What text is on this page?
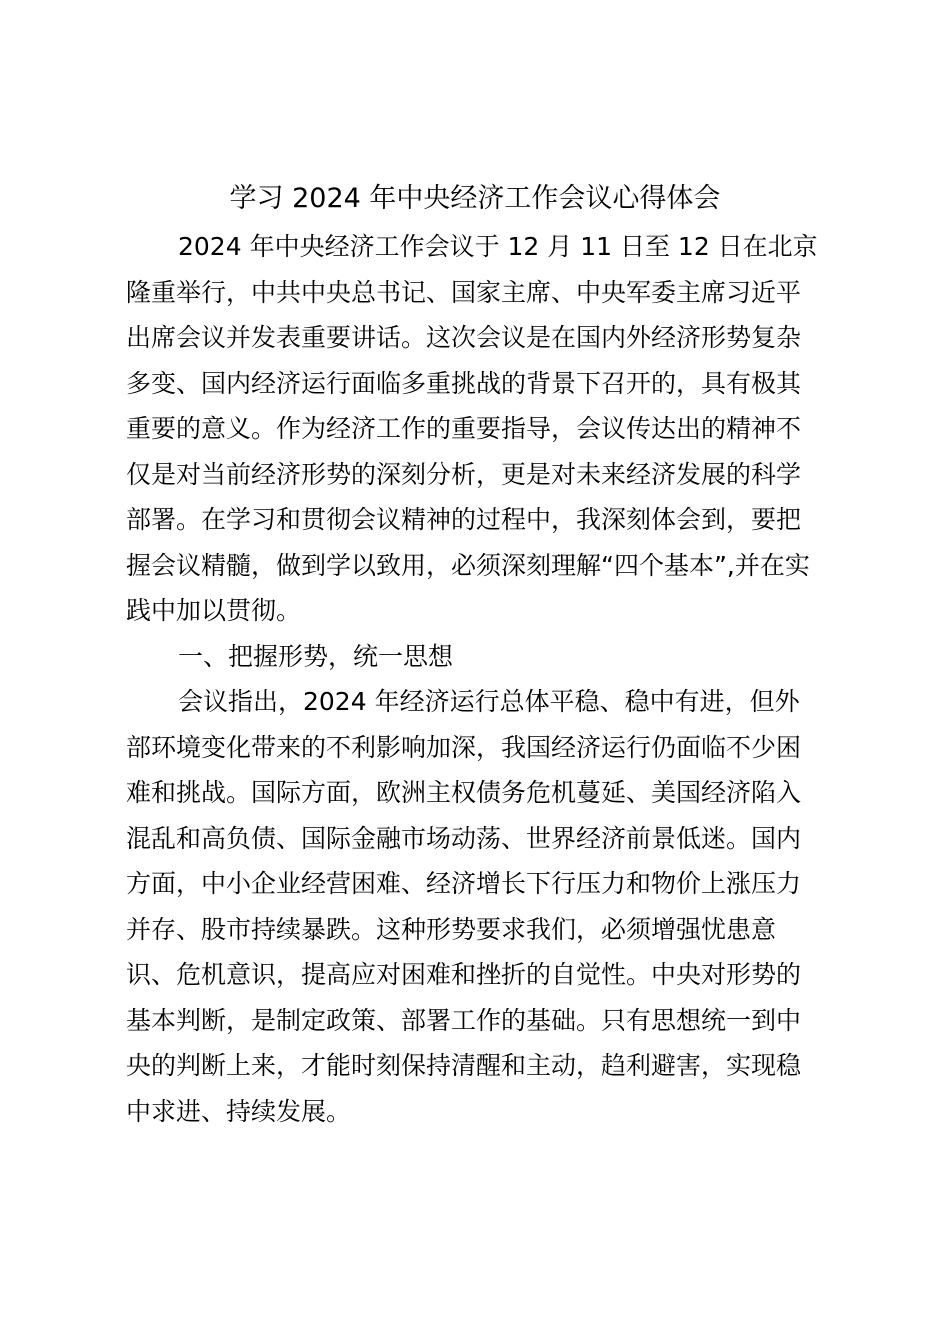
学习 2024 年中央经济工作会议心得体会
2024 年中央经济工作会议于 12 月 11 日至 12 日在北京
隆重举行，中共中央总书记、国家主席、中央军委主席习近平
出席会议并发表重要讲话。这次会议是在国内外经济形势复杂
多变、国内经济运行面临多重挑战的背景下召开的，具有极其
重要的意义。作为经济工作的重要指导，会议传达出的精神不
仅是对当前经济形势的深刻分析，更是对未来经济发展的科学
部署。在学习和贯彻会议精神的过程中，我深刻体会到，要把
握会议精髓，做到学以致用，必须深刻理解“四个基本”,并在实
践中加以贯彻。
一、把握形势，统一思想
会议指出，2024 年经济运行总体平稳、稳中有进，但外
部环境变化带来的不利影响加深，我国经济运行仍面临不少困
难和挑战。国际方面，欧洲主权债务危机蔓延、美国经济陷入
混乱和高负债、国际金融市场动荡、世界经济前景低迷。国内
方面，中小企业经营困难、经济增长下行压力和物价上涨压力
并存、股市持续暴跌。这种形势要求我们，必须增强忧患意
识、危机意识，提高应对困难和挫折的自觉性。中央对形势的
基本判断，是制定政策、部署工作的基础。只有思想统一到中
央的判断上来，才能时刻保持清醒和主动，趋利避害，实现稳
中求进、持续发展。
